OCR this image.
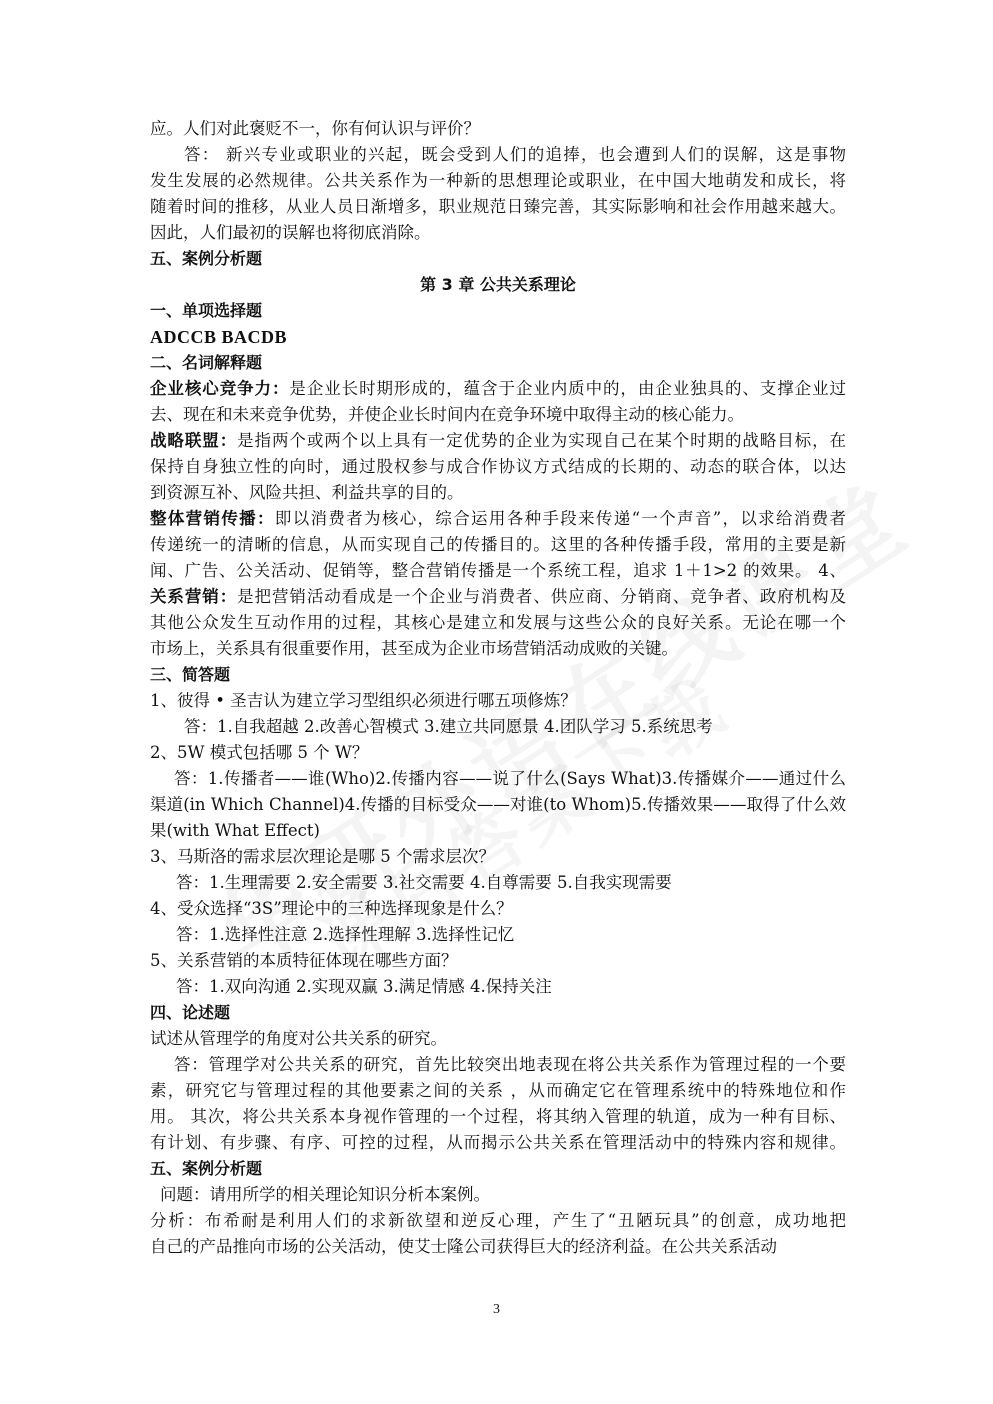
应。人们对此褒贬不一，你有何认识与评价？
答： 新兴专业或职业的兴起，既会受到人们的追捧，也会遭到人们的误解，这是事物
发生发展的必然规律。公共关系作为一种新的思想理论或职业，在中国大地萌发和成长，将
随着时间的推移，从业人员日渐增多，职业规范日臻完善，其实际影响和社会作用越来越大。
因此，人们最初的误解也将彻底消除。
五、案例分析题
第 3 章 公共关系理论
一、单项选择题
ADCCB BACDB
二、名词解释题
企业核心竞争力：是企业长时期形成的，蕴含于企业内质中的，由企业独具的、支撑企业过
去、现在和未来竞争优势，并使企业长时间内在竞争环境中取得主动的核心能力。
战略联盟：是指两个或两个以上具有一定优势的企业为实现自己在某个时期的战略目标，在
保持自身独立性的向时，通过股权参与成合作协议方式结成的长期的、动态的联合体，以达
到资源互补、风险共担、利益共享的目的。
整体营销传播：即以消费者为核心，综合运用各种手段来传递“一个声音”，以求给消费者
传递统一的清晰的信息，从而实现自己的传播目的。这里的各种传播手段，常用的主要是新
闻、广告、公关活动、促销等，整合营销传播是一个系统工程，追求 1＋1>2 的效果。 4、
关系营销：是把营销活动看成是一个企业与消费者、供应商、分销商、竞争者、政府机构及
其他公众发生互动作用的过程，其核心是建立和发展与这些公众的良好关系。无论在哪一个
市场上，关系具有很重要作用，甚至成为企业市场营销活动成败的关键。
三、简答题
1、彼得 • 圣吉认为建立学习型组织必须进行哪五项修炼？
答：1.自我超越 2.改善心智模式 3.建立共同愿景 4.团队学习 5.系统思考
2、5W 模式包括哪 5 个 W？
答：1.传播者——谁(Who)2.传播内容——说了什么(Says What)3.传播媒介——通过什么
渠道(in Which Channel)4.传播的目标受众——对谁(to Whom)5.传播效果——取得了什么效
果(with What Effect)
3、马斯洛的需求层次理论是哪 5 个需求层次？
答：1.生理需要 2.安全需要 3.社交需要 4.自尊需要 5.自我实现需要
4、受众选择“3S”理论中的三种选择现象是什么？
答：1.选择性注意 2.选择性理解 3.选择性记忆
5、关系营销的本质特征体现在哪些方面？
答：1.双向沟通 2.实现双赢 3.满足情感 4.保持关注
四、论述题
试述从管理学的角度对公共关系的研究。
答：管理学对公共关系的研究，首先比较突出地表现在将公共关系作为管理过程的一个要
素，研究它与管理过程的其他要素之间的关系 ，从而确定它在管理系统中的特殊地位和作
用。 其次，将公共关系本身视作管理的一个过程，将其纳入管理的轨道，成为一种有目标、
有计划、有步骤、有序、可控的过程，从而揭示公共关系在管理活动中的特殊内容和规律。
五、案例分析题
问题：请用所学的相关理论知识分析本案例。
分析：布希耐是利用人们的求新欲望和逆反心理，产生了“丑陋玩具”的创意，成功地把
自己的产品推向市场的公关活动，使艾士隆公司获得巨大的经济利益。在公共关系活动
3
